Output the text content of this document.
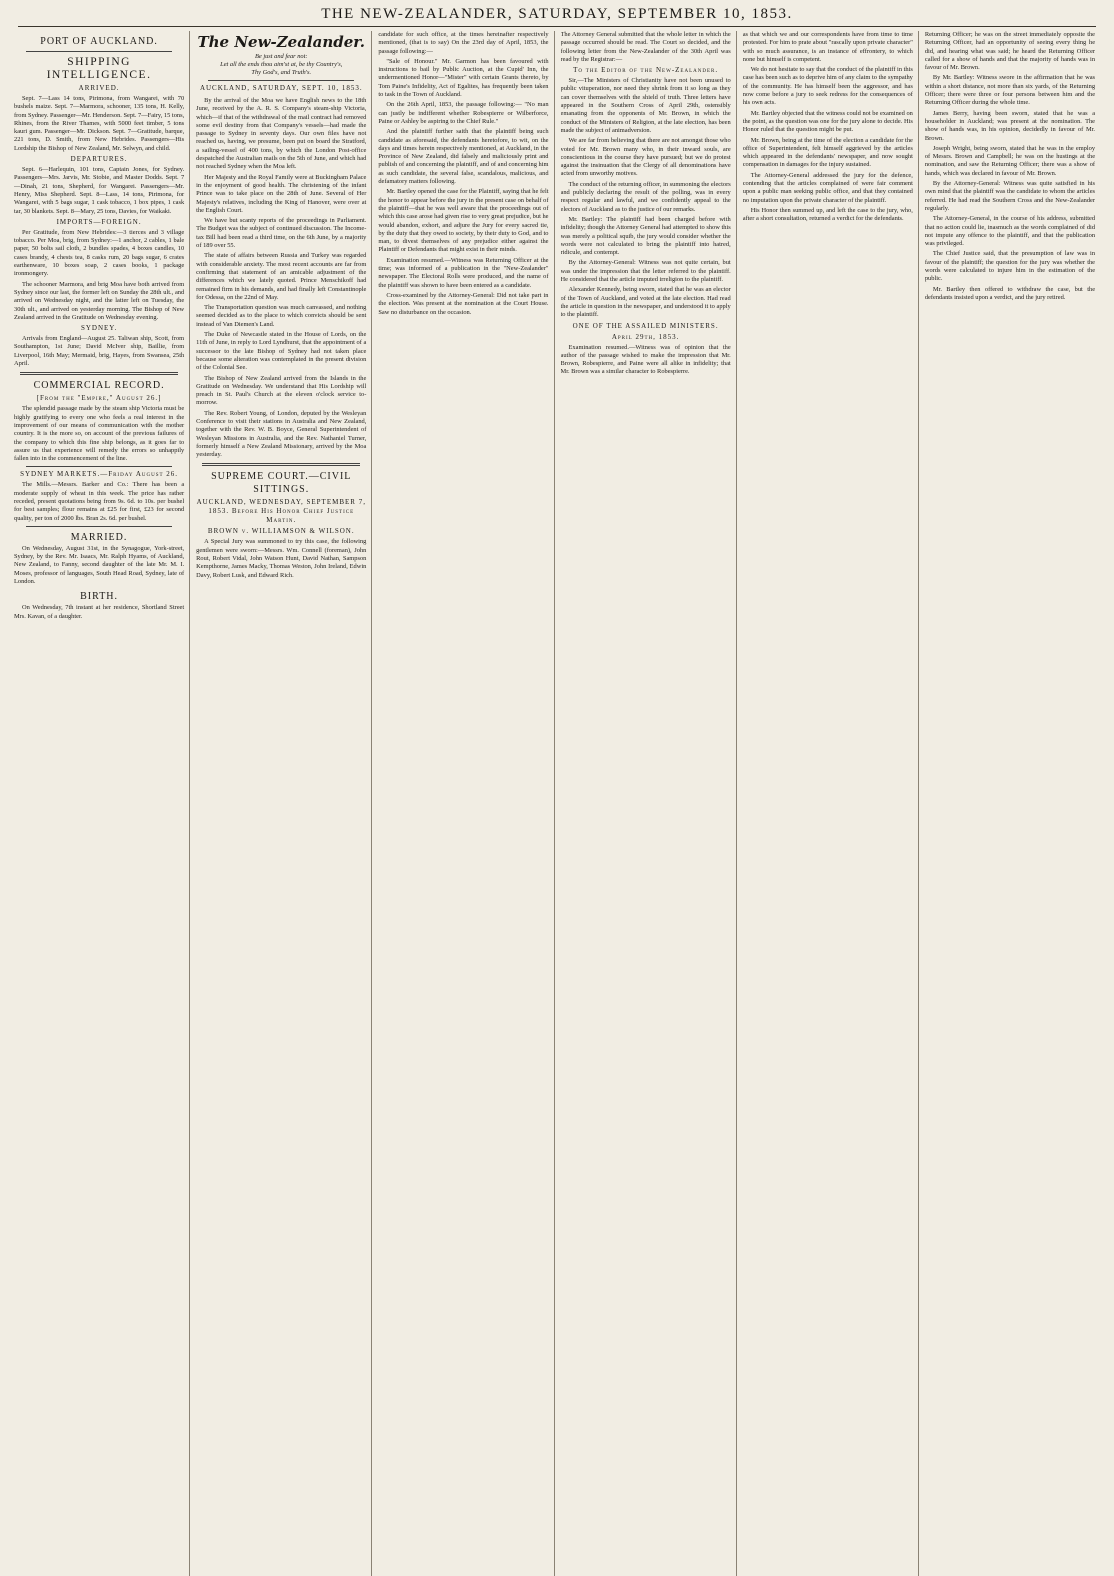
THE NEW-ZEALANDER, SATURDAY, SEPTEMBER 10, 1853.
PORT OF AUCKLAND.
SHIPPING INTELLIGENCE.
ARRIVED.

Sept. 7—Lass 14 tons, Pirimona, from Wangarei, with 70 bushels maize. Sept. 7—Marmora, schooner, 135 tons, H. Kelly, from Sydney. Passenger—Mr. Henderson. Sept. 7—Fairy, 15 tons, Rhines, from the River Thames, with 5000 feet timber, 5 tons kauri gum. Passenger—Mr. Dickson. Sept. 7—Gratitude, barque, 221 tons, D. Smith, from New Hebrides. Passengers—His Lordship the Bishop of New Zealand, Mr. Selwyn, and child.

DEPARTURES.

Sept. 6—Harlequin, 101 tons, Captain Jones, for Sydney. Passengers—Mrs. Jarvis, Mr. Stobie, and Master Dodds. Sept. 7—Dinah, 21 tons, Shepherd, for Wangarei. Passengers—Mr. Henry, Miss Shepherd. Sept. 8—Lass, 14 tons, Pirimona, for Wangarei, with 5 bags sugar, 1 cask tobacco, 1 box pipes, 1 cask tar, 30 blankets. Sept. 8—Mary, 25 tons, Davies, for Waikaki.

IMPORTS—FOREIGN.

Per Gratitude, from New Hebrides:—3 tierces and 3 village tobacco. Per Moa, brig, from Sydney:—1 anchor, 2 cables, 1 bale paper, 50 bolts sail cloth, 2 bundles spades, 4 boxes candles, 10 cases brandy, 4 chests tea, 8 casks rum, 20 bags sugar, 6 crates earthenware, 10 boxes soap, 2 cases books, 1 package ironmongery.

The schooner Marmora, and brig Moa have both arrived from Sydney since our last, the former left on Sunday the 28th ult., and arrived on Wednesday night, and the latter left on Tuesday, the 30th ult., and arrived on yesterday morning. The Bishop of New Zealand arrived in the Gratitude on Wednesday evening.

SYDNEY.

Arrivals from England—August 25. Taliwan ship, Scott, from Southampton, 1st June; David McIver ship, Baillie, from Liverpool, 16th May; Mermaid, brig, Hayes, from Swansea, 25th April.

COMMERCIAL RECORD.
[From the "Empire," August 26.]

The splendid passage made by the steam ship Victoria must be highly gratifying to every one who feels a real interest in the improvement of our means of communication with the mother country. It is the more so, on account of the previous failures of the company to which this fine ship belongs, as it goes far to assure us that experience will remedy the errors so unhappily fallen into in the commencement of the line.

SYDNEY MARKETS.—Friday August 26.

The Mills.—Messrs. Barker and Co.: There has been a moderate supply of wheat in this week. The price has rather receded, present quotations being from 9s. 6d. to 10s. per bushel for best samples; flour remains at £25 for first, £23 for second quality, per ton of 2000 lbs. Bran 2s. 6d. per bushel.

MARRIED.

On Wednesday, August 31st, in the Synagogue, York-street, Sydney, by the Rev. Mr. Isaacs, Mr. Ralph Hyams, of Auckland, New Zealand, to Fanny, second daughter of the late Mr. M. I. Moses, professor of languages, South Head Road, Sydney, late of London.

BIRTH.

On Wednesday, 7th instant at her residence, Shortland Street Mrs. Kavan, of a daughter.

The New-Zealander.
Be just and fear not:
Let all the ends thou aim'st at, be thy Country's,
Thy God's, and Truth's.
AUCKLAND, SATURDAY, SEPT. 10, 1853.

By the arrival of the Moa we have English news to the 18th June, received by the A. R. S. Company's steam-ship Victoria, which—if that of the withdrawal of the mail contract had removed some evil destiny from that Company's vessels—had made the passage to Sydney in seventy days. Our own files have not reached us, having, we presume, been put on board the Stratford, a sailing-vessel of 400 tons, by which the London Post-office despatched the Australian mails on the 5th of June, and which had not reached Sydney when the Moa left.

Her Majesty and the Royal Family were at Buckingham Palace in the enjoyment of good health. The christening of the infant Prince was to take place on the 28th of June. Several of Her Majesty's relatives, including the King of Hanover, were over at the English Court.

We have but scanty reports of the proceedings in Parliament. The Budget was the subject of continued discussion. The Income-tax Bill had been read a third time, on the 6th June, by a majority of 189 over 55.

The state of affairs between Russia and Turkey was regarded with considerable anxiety. The most recent accounts are far from confirming that statement of an amicable adjustment of the differences which we lately quoted. Prince Menschikoff had remained firm in his demands, and had finally left Constantinople for Odessa, on the 22nd of May.

The Transportation question was much canvassed, and nothing seemed decided as to the place to which convicts should be sent instead of Van Diemen's Land.

The Duke of Newcastle stated in the House of Lords, on the 11th of June, in reply to Lord Lyndhurst, that the appointment of a successor to the late Bishop of Sydney had not taken place because some alteration was contemplated in the present division of the Colonial See.

The Bishop of New Zealand arrived from the Islands in the Gratitude on Wednesday. We understand that His Lordship will preach in St. Paul's Church at the eleven o'clock service to-morrow.

The Rev. Robert Young, of London, deputed by the Wesleyan Conference to visit their stations in Australia and New Zealand, together with the Rev. W. B. Boyce, General Superintendent of Wesleyan Missions in Australia, and the Rev. Nathaniel Turner, formerly himself a New Zealand Missionary, arrived by the Moa yesterday.

SUPREME COURT.—CIVIL SITTINGS.
AUCKLAND, WEDNESDAY, SEPTEMBER 7, 1853. Before His Honor Chief Justice Martin.
BROWN v. WILLIAMSON & WILSON.

A Special Jury was summoned to try this case, the following gentlemen were sworn:—Messrs. Wm. Connell (foreman), John Rout, Robert Vidal, John Watson Hunt, David Nathan, Sampson Kempthorne, James Macky, Thomas Weston, John Ireland, Edwin Davy, Robert Lusk, and Edward Rich.

candidate for such office, at the times hereinafter respectively mentioned, (that is to say) On the 23rd day of April, 1853, the passage following:—

"Sale of Honour." Mr. Garmon has been favoured with instructions to bail by Public Auction, at the Cupid' Inn, the undermentioned Honor—"Mister" with certain Grants thereto, by Tom Paine's Infidelity, Act of Egalites, has frequently been taken to task in the Town of Auckland.

On the 26th April, 1853, the passage following:— "No man can justly be indifferent whether Robespierre or Wilberforce, Paine or Ashley be aspiring to the Chief Rule."

And the plaintiff further saith that the plaintiff being such candidate as aforesaid, the defendants heretofore, to wit, on the days and times herein respectively mentioned, at Auckland, in the Province of New Zealand, did falsely and maliciously print and publish of and concerning the plaintiff, and of and concerning him as such candidate, the several false, scandalous, malicious, and defamatory matters following.

Mr. Bartley opened the case for the Plaintiff, saying that he felt the honor to appear before the jury in the present case on behalf of the plaintiff—that he was well aware that the proceedings out of which this case arose had given rise to very great prejudice, but he would abandon, exhort, and adjure the Jury for every sacred tie, by the duty that they owed to society, by their duty to God, and to man, to divest themselves of any prejudice either against the Plaintiff or Defendants that might exist in their minds.

Examination resumed.—Witness was Returning Officer at the time; was informed of a publication in the "New-Zealander" newspaper. The Electoral Rolls were produced, and the name of the plaintiff was shown to have been entered as a candidate.

Cross-examined by the Attorney-General: Did not take part in the election. Was present at the nomination at the Court House. Saw no disturbance on the occasion.

The Attorney General submitted that the whole letter in which the passage occurred should be read. The Court so decided, and the following letter from the New-Zealander of the 30th April was read by the Registrar:—

To the Editor of the New-Zealander.

Sir,—The Ministers of Christianity have not been unused to public vituperation, nor need they shrink from it so long as they can cover themselves with the shield of truth. Three letters have appeared in the Southern Cross of April 29th, ostensibly emanating from the opponents of Mr. Brown, in which the conduct of the Ministers of Religion, at the late election, has been made the subject of animadversion.

We are far from believing that there are not amongst those who voted for Mr. Brown many who, in their inward souls, are conscientious in the course they have pursued; but we do protest against the insinuation that the Clergy of all denominations have acted from unworthy motives.

The conduct of the returning officer, in summoning the electors and publicly declaring the result of the polling, was in every respect regular and lawful, and we confidently appeal to the electors of Auckland as to the justice of our remarks.

Mr. Bartley: The plaintiff had been charged before with infidelity; though the Attorney General had attempted to show this was merely a political squib, the jury would consider whether the words were not calculated to bring the plaintiff into hatred, ridicule, and contempt.

By the Attorney-General: Witness was not quite certain, but was under the impression that the letter referred to the plaintiff. He considered that the article imputed irreligion to the plaintiff.

Alexander Kennedy, being sworn, stated that he was an elector of the Town of Auckland, and voted at the late election. Had read the article in question in the newspaper, and understood it to apply to the plaintiff.

ONE OF THE ASSAILED MINISTERS.
April 29th, 1853.

Examination resumed.—Witness was of opinion that the author of the passage wished to make the impression that Mr. Brown, Robespierre, and Paine were all alike in infidelity; that Mr. Brown was a similar character to Robespierre.

as that which we and our correspondents have from time to time protested. For him to prate about "rascally upon private character" with so much assurance, is an instance of effrontery, to which none but himself is competent.

We do not hesitate to say that the conduct of the plaintiff in this case has been such as to deprive him of any claim to the sympathy of the community. He has himself been the aggressor, and has now come before a jury to seek redress for the consequences of his own acts.

Mr. Bartley objected that the witness could not be examined on the point, as the question was one for the jury alone to decide. His Honor ruled that the question might be put.

Mr. Brown, being at the time of the election a candidate for the office of Superintendent, felt himself aggrieved by the articles which appeared in the defendants' newspaper, and now sought compensation in damages for the injury sustained.

The Attorney-General addressed the jury for the defence, contending that the articles complained of were fair comment upon a public man seeking public office, and that they contained no imputation upon the private character of the plaintiff.

His Honor then summed up, and left the case to the jury, who, after a short consultation, returned a verdict for the defendants.

Returning Officer; he was on the street immediately opposite the Returning Officer, had an opportunity of seeing every thing he did, and hearing what was said; he heard the Returning Officer called for a show of hands and that the majority of hands was in favour of Mr. Brown.

By Mr. Bartley: Witness swore in the affirmation that he was within a short distance, not more than six yards, of the Returning Officer; there were three or four persons between him and the Returning Officer during the whole time.

James Berry, having been sworn, stated that he was a householder in Auckland; was present at the nomination. The show of hands was, in his opinion, decidedly in favour of Mr. Brown.

Joseph Wright, being sworn, stated that he was in the employ of Messrs. Brown and Campbell; he was on the hustings at the nomination, and saw the Returning Officer; there was a show of hands, which was declared in favour of Mr. Brown.

By the Attorney-General: Witness was quite satisfied in his own mind that the plaintiff was the candidate to whom the articles referred. He had read the Southern Cross and the New-Zealander regularly.

The Attorney-General, in the course of his address, submitted that no action could lie, inasmuch as the words complained of did not impute any offence to the plaintiff, and that the publication was privileged.

The Chief Justice said, that the presumption of law was in favour of the plaintiff; the question for the jury was whether the words were calculated to injure him in the estimation of the public.

Mr. Bartley then offered to withdraw the case, but the defendants insisted upon a verdict, and the jury retired.
